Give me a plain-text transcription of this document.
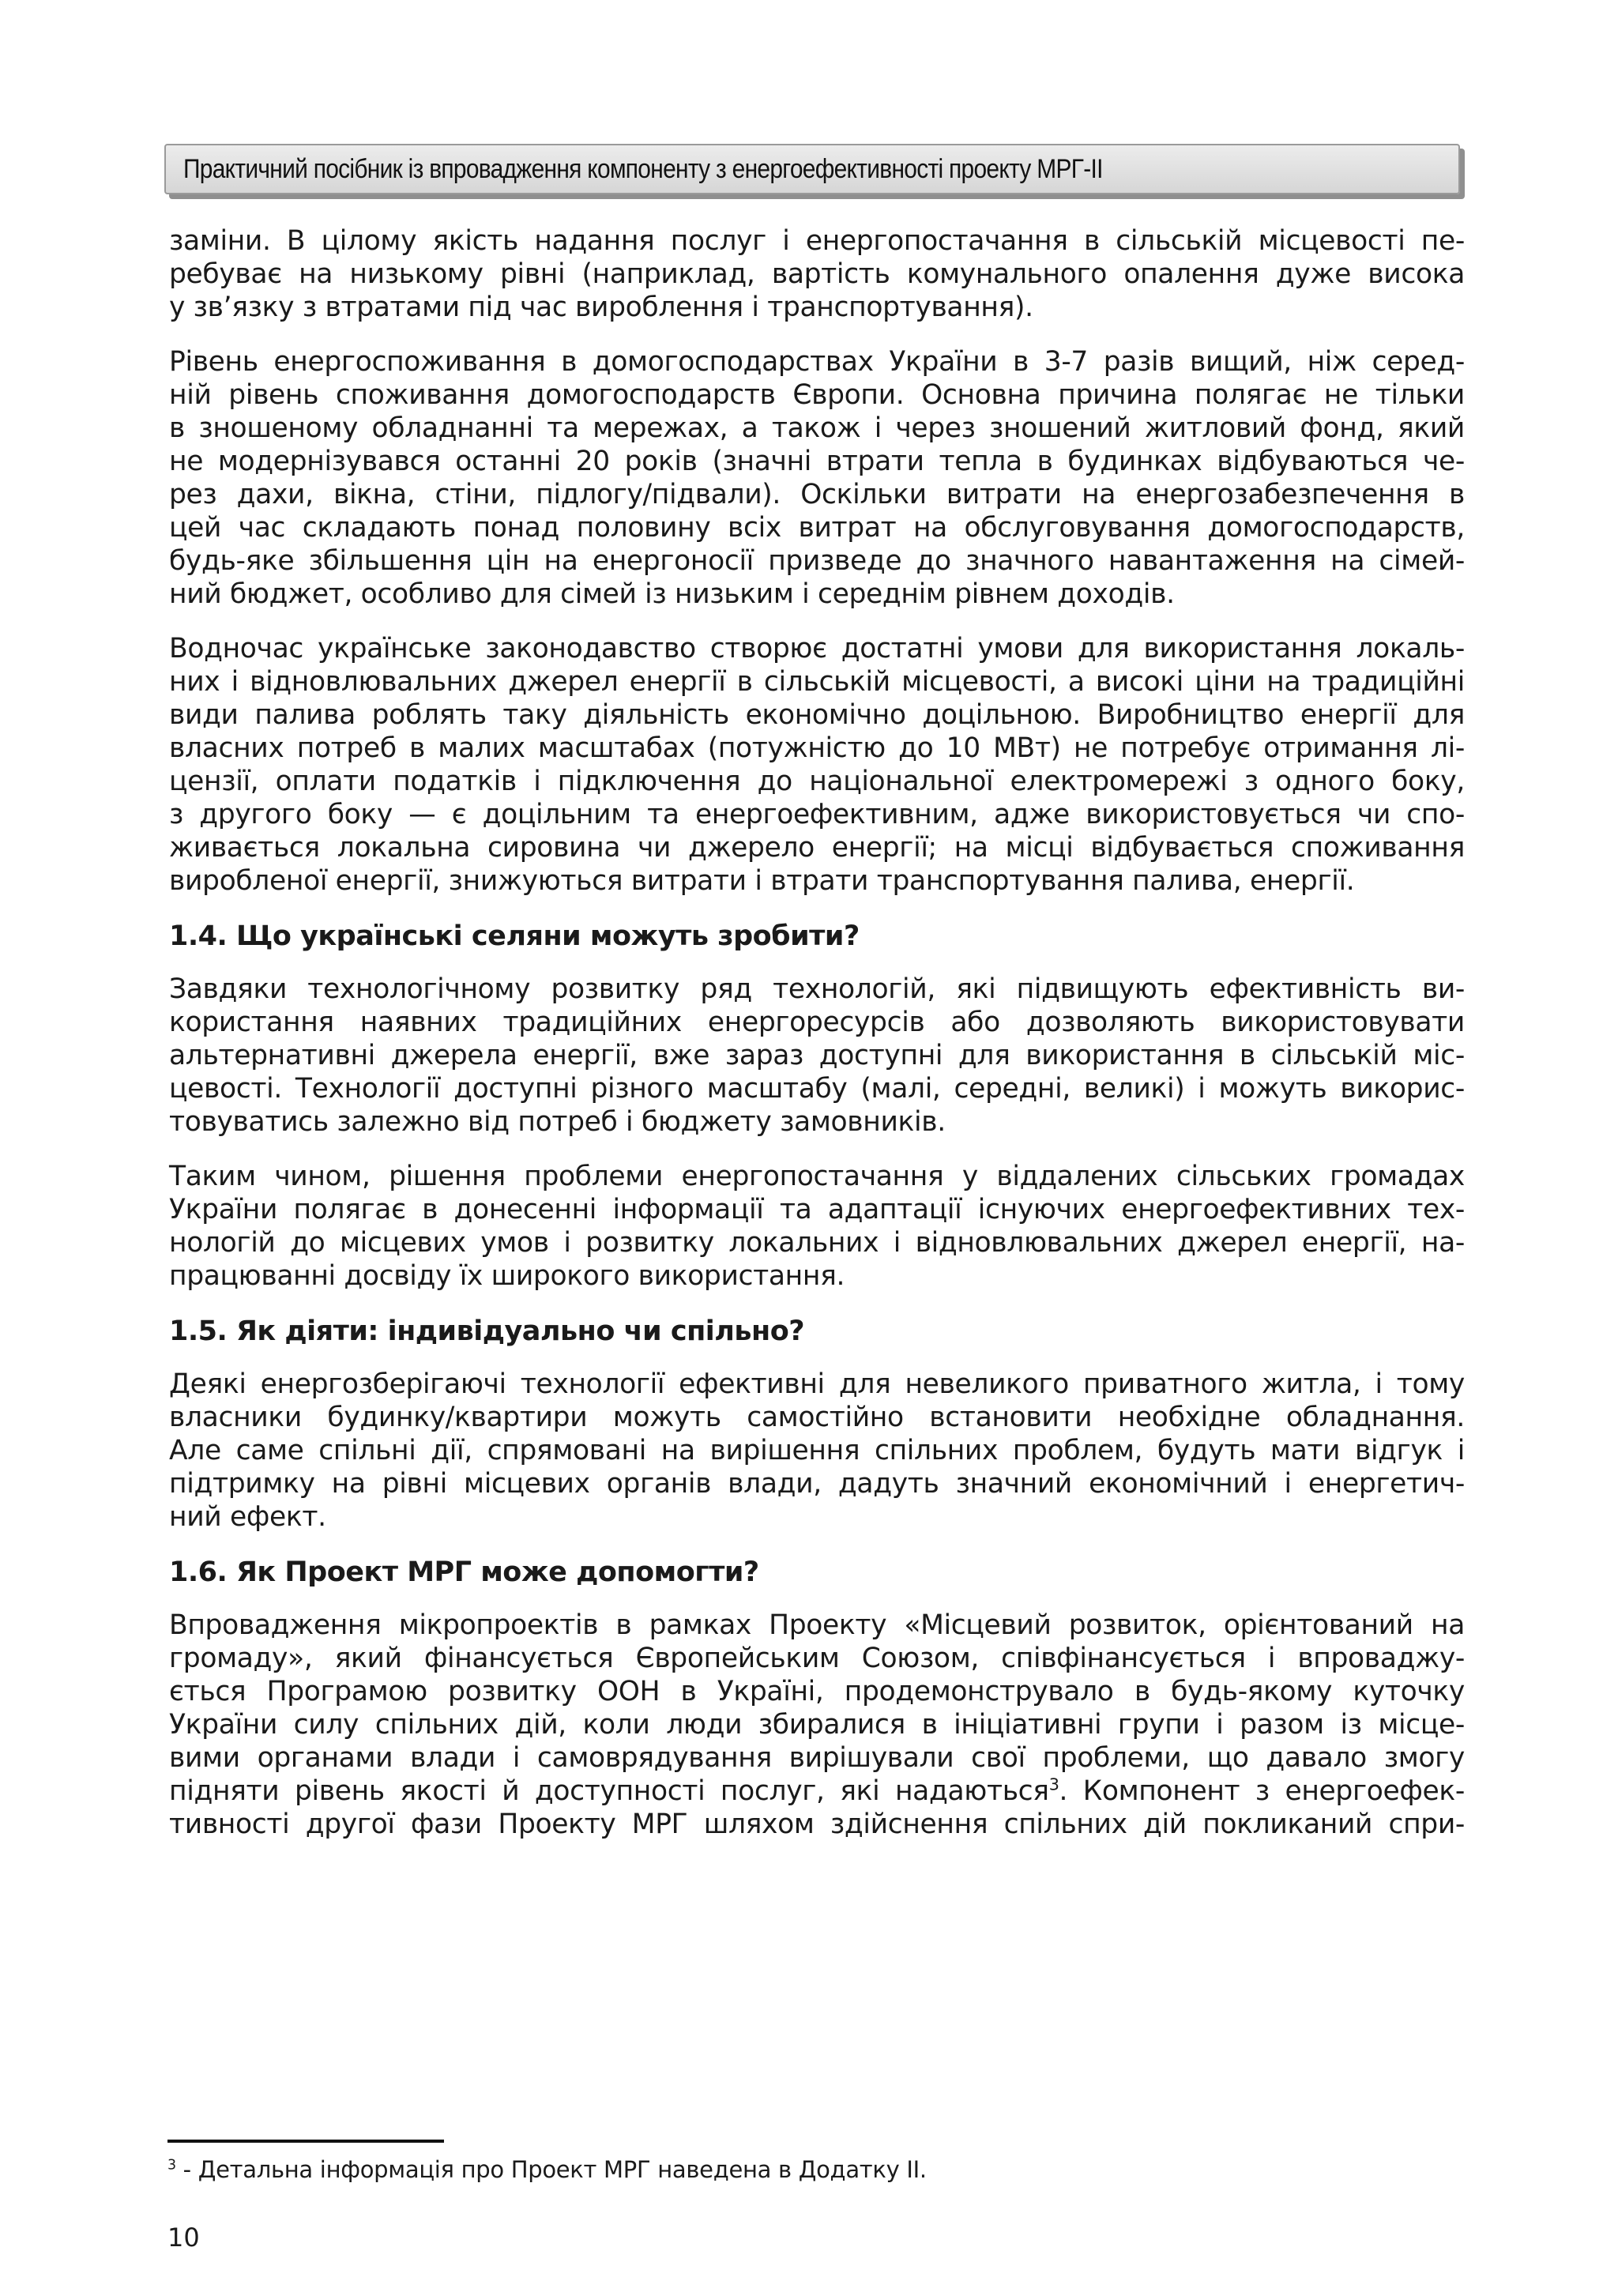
Практичний посібник із впровадження компоненту з енергоефективності проекту МРГ-ІІ

заміни. В цілому якість надання послуг і енергопостачання в сільській місцевості пе-
ребуває на низькому рівні (наприклад, вартість комунального опалення дуже висока
у зв’язку з втратами під час вироблення і транспортування).

Рівень енергоспоживання в домогосподарствах України в 3-7 разів вищий, ніж серед-
ній рівень споживання домогосподарств Європи. Основна причина полягає не тільки
в зношеному обладнанні та мережах, а також і через зношений житловий фонд, який
не модернізувався останні 20 років (значні втрати тепла в будинках відбуваються че-
рез дахи, вікна, стіни, підлогу/підвали). Оскільки витрати на енергозабезпечення в
цей час складають понад половину всіх витрат на обслуговування домогосподарств,
будь-яке збільшення цін на енергоносії призведе до значного навантаження на сімей-
ний бюджет, особливо для сімей із низьким і середнім рівнем доходів.

Водночас українське законодавство створює достатні умови для використання локаль-
них і відновлювальних джерел енергії в сільській місцевості, а високі ціни на традиційні
види палива роблять таку діяльність економічно доцільною. Виробництво енергії для
власних потреб в малих масштабах (потужністю до 10 МВт) не потребує отримання лі-
цензії, оплати податків і підключення до національної електромережі з одного боку,
з другого боку — є доцільним та енергоефективним, адже використовується чи спо-
живається локальна сировина чи джерело енергії; на місці відбувається споживання
виробленої енергії, знижуються витрати і втрати транспортування палива, енергії.

1.4. Що українські селяни можуть зробити?

Завдяки технологічному розвитку ряд технологій, які підвищують ефективність ви-
користання наявних традиційних енергоресурсів або дозволяють використовувати
альтернативні джерела енергії, вже зараз доступні для використання в сільській міс-
цевості. Технології доступні різного масштабу (малі, середні, великі) і можуть викорис-
товуватись залежно від потреб і бюджету замовників.

Таким чином, рішення проблеми енергопостачання у віддалених сільських громадах
України полягає в донесенні інформації та адаптації існуючих енергоефективних тех-
нологій до місцевих умов і розвитку локальних і відновлювальних джерел енергії, на-
працюванні досвіду їх широкого використання.

1.5. Як діяти: індивідуально чи спільно?

Деякі енергозберігаючі технології ефективні для невеликого приватного житла, і тому
власники будинку/квартири можуть самостійно встановити необхідне обладнання.
Але саме спільні дії, спрямовані на вирішення спільних проблем, будуть мати відгук і
підтримку на рівні місцевих органів влади, дадуть значний економічний і енергетич-
ний ефект.

1.6. Як Проект МРГ може допомогти?

Впровадження мікропроектів в рамках Проекту «Місцевий розвиток, орієнтований на
громаду», який фінансується Європейським Союзом, співфінансується і впроваджу-
ється Програмою розвитку ООН в Україні, продемонструвало в будь-якому куточку
України силу спільних дій, коли люди збиралися в ініціативні групи і разом із місце-
вими органами влади і самоврядування вирішували свої проблеми, що давало змогу
підняти рівень якості й доступності послуг, які надаються$^3$. Компонент з енергоефек-
тивності другої фази Проекту МРГ шляхом здійснення спільних дій покликаний спри-

$^3$ - Детальна інформація про Проект МРГ наведена в Додатку ІІ.
10
